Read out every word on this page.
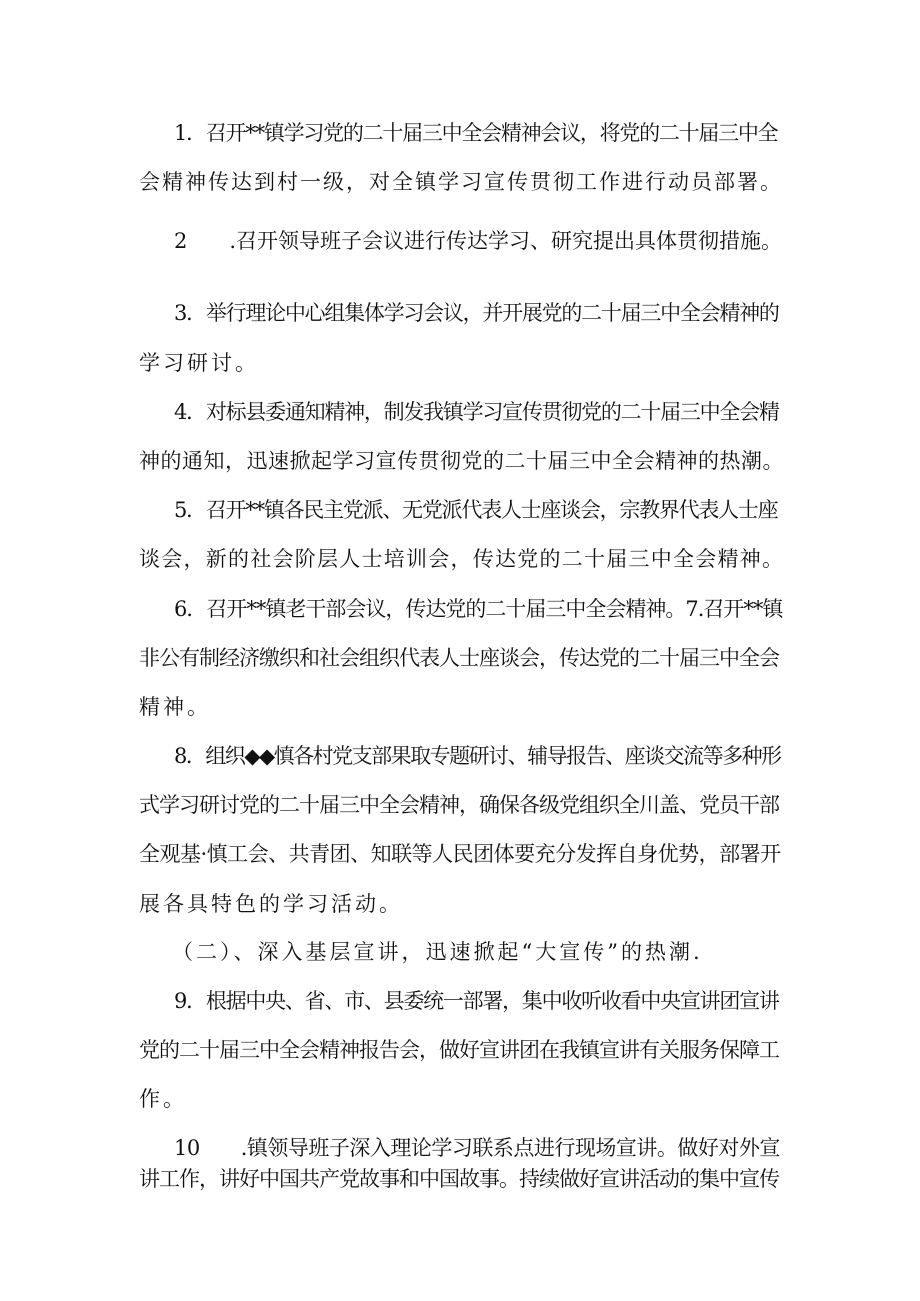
1．召开**镇学习党的二十届三中全会精神会议，将党的二十届三中全
会精神传达到村一级，对全镇学习宣传贯彻工作进行动员部署。
2　　.召开领导班子会议进行传达学习、研究提出具体贯彻措施。
3．举行理论中心组集体学习会议，并开展党的二十届三中全会精神的
学习研讨。
4．对标县委通知精神，制发我镇学习宣传贯彻党的二十届三中全会精
神的通知，迅速掀起学习宣传贯彻党的二十届三中全会精神的热潮。
5．召开**镇各民主党派、无党派代表人士座谈会，宗教界代表人士座
谈会，新的社会阶层人士培训会，传达党的二十届三中全会精神。
6．召开**镇老干部会议，传达党的二十届三中全会精神。7.召开**镇
非公有制经济缴织和社会组织代表人士座谈会，传达党的二十届三中全会
精神。
8．组织◆◆慎各村党支部果取专题研讨、辅导报告、座谈交流等多种形
式学习研讨党的二十届三中全会精神，确保各级党组织全川盖、党员干部
全观基·慎工会、共青团、知联等人民团体要充分发挥自身优势，部署开
展各具特色的学习活动。
（二）、深入基层宣讲，迅速掀起“大宣传”的热潮.
9．根据中央、省、市、县委统一部署，集中收听收看中央宣讲团宣讲
党的二十届三中全会精神报告会，做好宣讲团在我镇宣讲有关服务保障工
作。
10　　.镇领导班子深入理论学习联系点进行现场宣讲。做好对外宣
讲工作，讲好中国共产党故事和中国故事。持续做好宣讲活动的集中宣传
